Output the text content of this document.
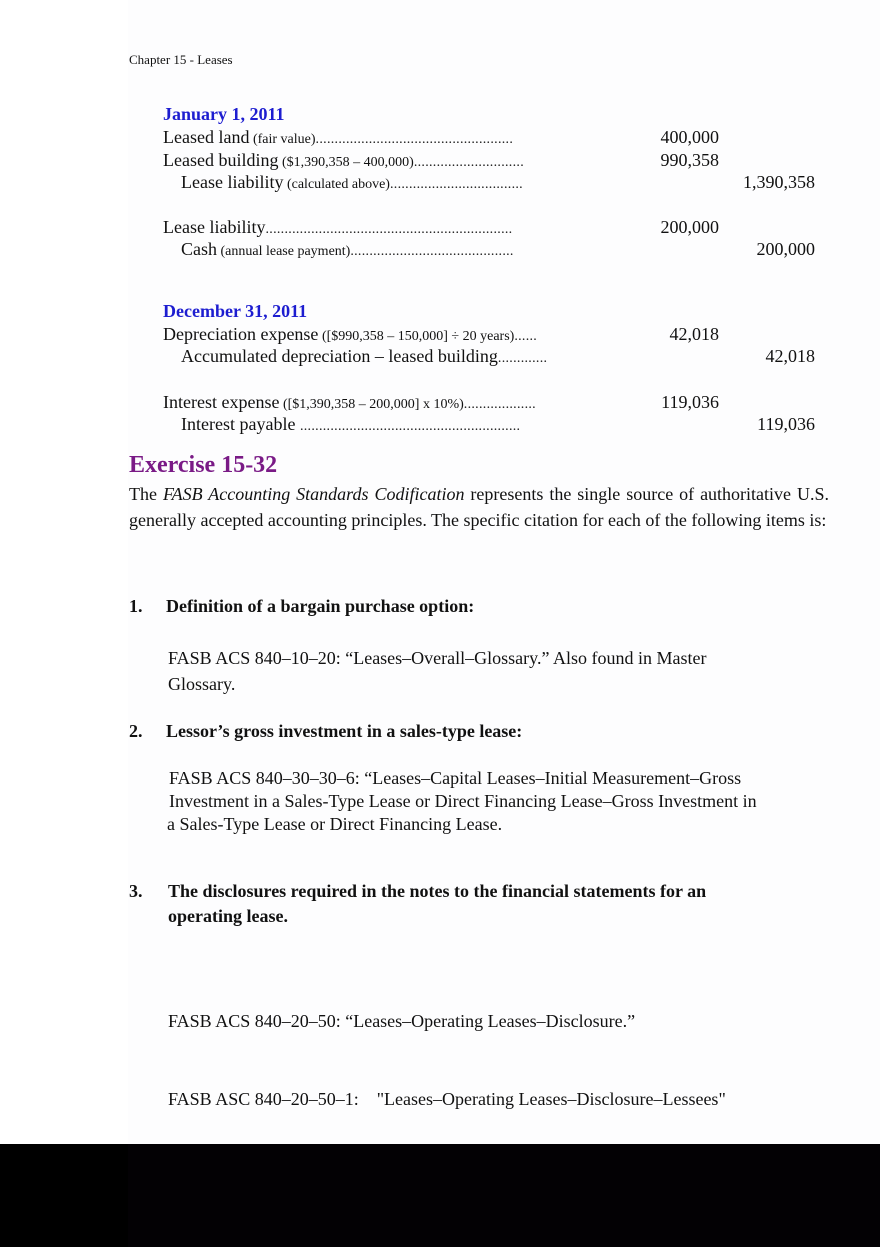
Chapter 15 - Leases
January 1, 2011
Leased land (fair value)....................................................	400,000
Leased building ($1,390,358 – 400,000).............................	990,358
Lease liability (calculated above)...................................	1,390,358
Lease liability.................................................................	200,000
Cash (annual lease payment)...........................................	200,000
December 31, 2011
Depreciation expense ([$990,358 – 150,000] ÷ 20 years)......	42,018
Accumulated depreciation – leased building.............	42,018
Interest expense ([$1,390,358 – 200,000] x 10%)...................	119,036
Interest payable ..........................................................	119,036
Exercise 15-32
The FASB Accounting Standards Codification represents the single source of authoritative U.S. generally accepted accounting principles. The specific citation for each of the following items is:
1. Definition of a bargain purchase option:
FASB ACS 840–10–20: “Leases–Overall–Glossary.” Also found in Master
Glossary.
2. Lessor’s gross investment in a sales-type lease:
FASB ACS 840–30–30–6: “Leases–Capital Leases–Initial Measurement–Gross
Investment in a Sales-Type Lease or Direct Financing Lease–Gross Investment in
a Sales-Type Lease or Direct Financing Lease.
3. The disclosures required in the notes to the financial statements for an
operating lease.

FASB ACS 840–20–50: “Leases–Operating Leases–Disclosure.”

FASB ASC 840–20–50–1:    "Leases–Operating Leases–Disclosure–Lessees"
